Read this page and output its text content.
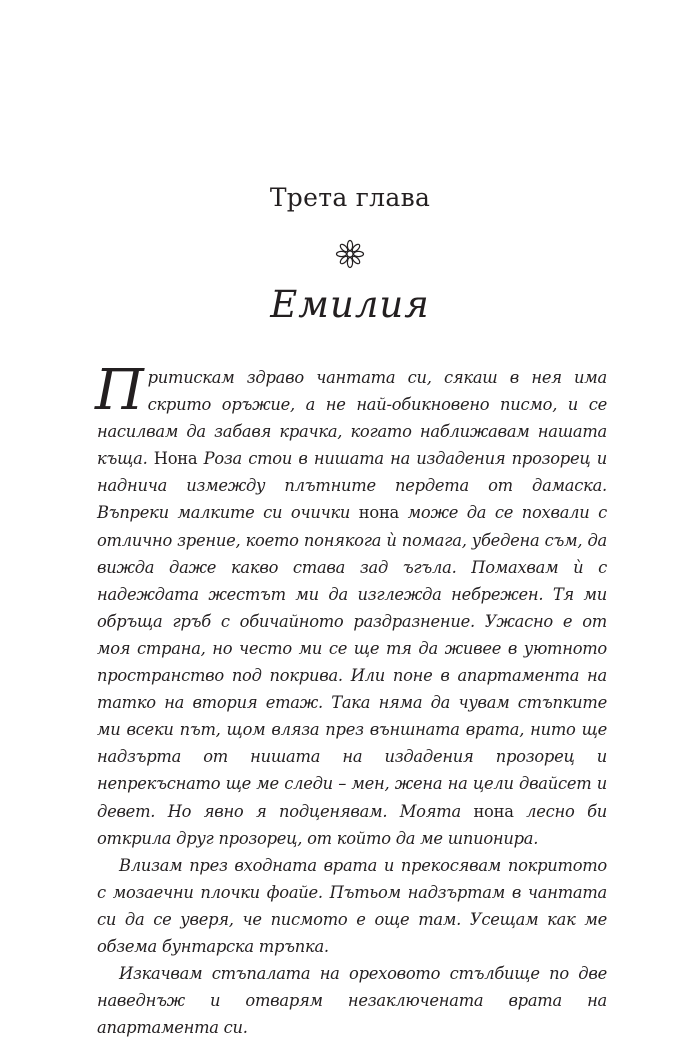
Трета глава
Емилия

Притискам здраво чантата си, сякаш в нея има скрито оръжие, а не най-обикновено писмо, и се насилвам да забавя крачка, когато наближавам нашата къща. Нона Роза стои в нишата на издадения прозорец и надничa измежду плътните пердета от дамаска. Въпреки малките си очички нона може да се похвали с отлично зрение, което понякога ѝ помага, убедена съм, да вижда даже какво става зад ъгъла. Помахвам ѝ с надеждата жестът ми да изглежда небрежен. Тя ми обръща гръб с обичайното раздразнение. Ужасно е от моя страна, но често ми се ще тя да живее в уютното пространство под покрива. Или поне в апартамента на татко на втория етаж. Така няма да чувам стъпките ми всеки път, щом вляза през външната врата, нито ще надзърта от нишата на издадения прозорец и непрекъснато ще ме следи – мен, жена на цели двайсет и девет. Но явно я подценявам. Моята нона лесно би открила друг прозорец, от който да ме шпионира.

Влизам през входната врата и прекосявам покритото с мозаечни плочки фоайе. Пътьом надзъртам в чантата си да се уверя, че писмото е още там. Усещам как ме обзема бунтарска тръпка.

Изкачвам стъпалата на ореховото стълбище по две наведнъж и отварям незаключената врата на апартамента си.
